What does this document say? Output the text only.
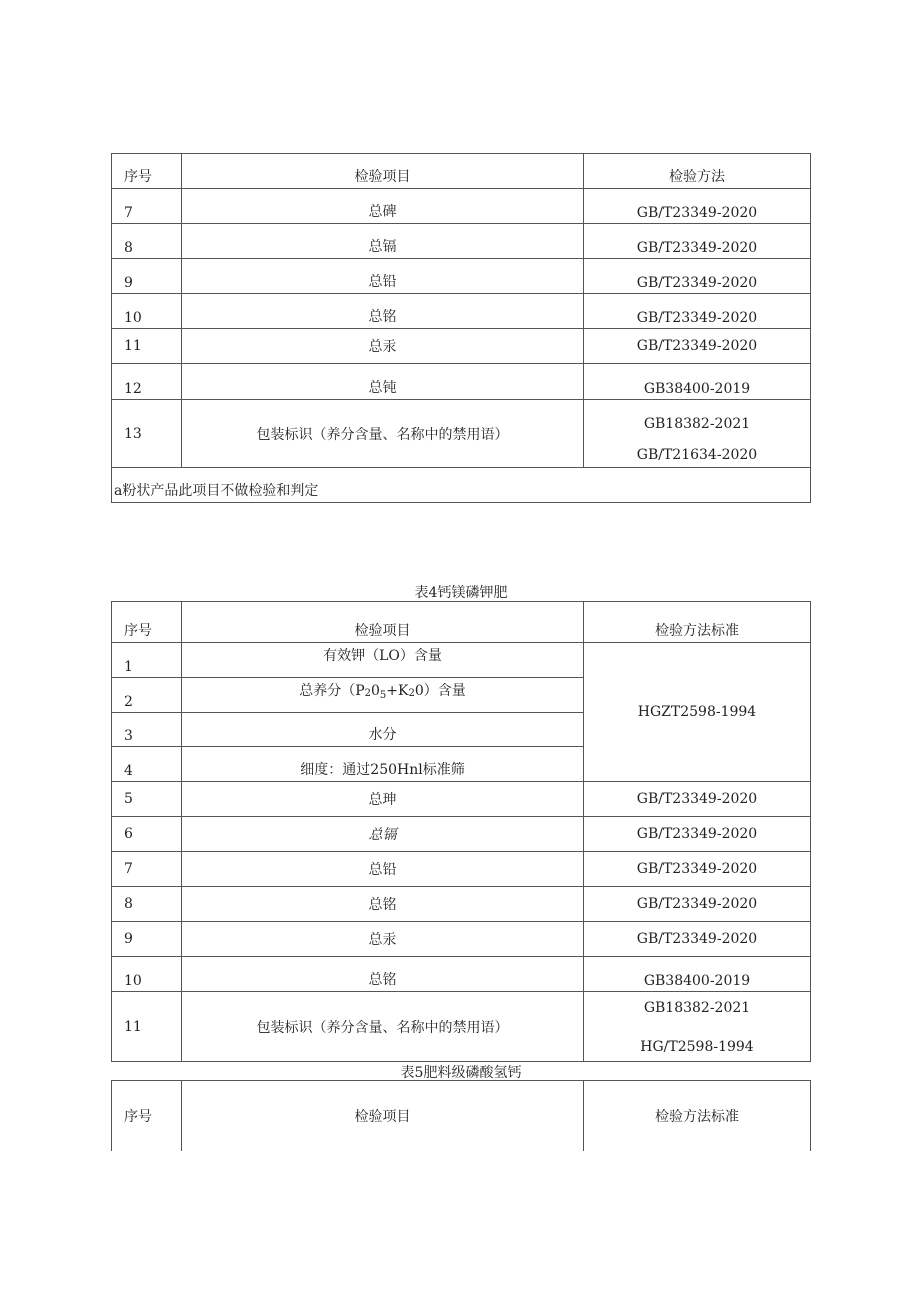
序号	检验项目	检验方法
7	总碑	GB/T23349-2020
8	总镉	GB/T23349-2020
9	总铅	GB/T23349-2020
10	总铭	GB/T23349-2020
11	总汞	GB/T23349-2020
12	总钝	GB38400-2019
13	包装标识（养分含量、名称中的禁用语）	GB18382-2021
GB/T21634-2020

a粉状产品此项目不做检验和判定		
表4钙镁磷钾肥
序号	检验项目	检验方法标准
1	有效钾（LO）含量	HGZT2598-1994
2	总养分$(P20_5+K20)$含量	
3	水分	
4	细度：通过250Hnl标准筛	
5	总珅	GB/T23349-2020
6	总镉	GB/T23349-2020
7	总铅	GB/T23349-2020
8	总铭	GB/T23349-2020
9	总汞	GB/T23349-2020
10	总铭	GB38400-2019
11	包装标识（养分含量、名称中的禁用语）	GB18382-2021
HG/T2598-1994
表5肥料级磷酸氢钙
序号	检验项目	检验方法标准
